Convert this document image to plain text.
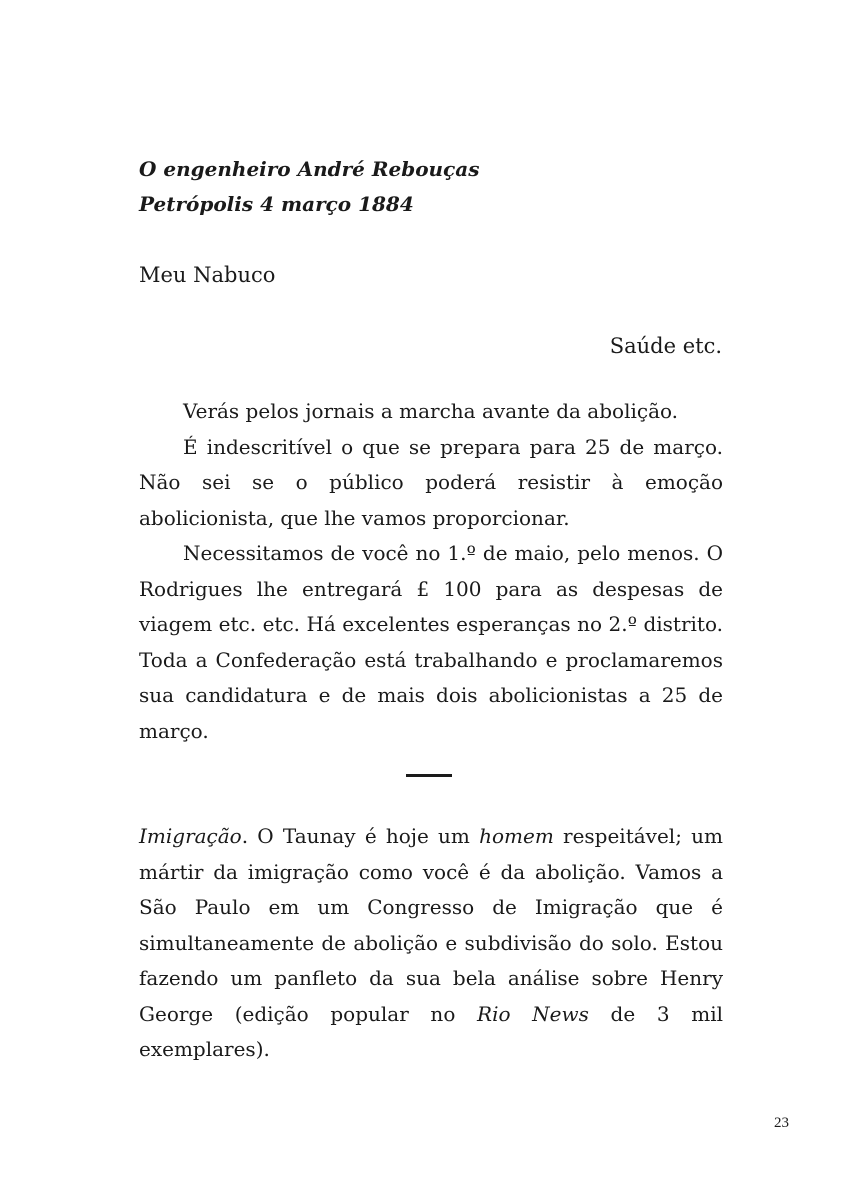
O engenheiro André Rebouças
Petrópolis 4 março 1884
Meu Nabuco
Saúde etc.

Verás pelos jornais a marcha avante da abolição.

É indescritível o que se prepara para 25 de março. Não sei se o público poderá resistir à emoção abolicionista, que lhe vamos proporcionar.

Necessitamos de você no 1.º de maio, pelo menos. O Rodrigues lhe entregará £ 100 para as despesas de viagem etc. etc. Há excelentes esperanças no 2.º distrito. Toda a Confederação está trabalhando e proclamaremos sua candidatura e de mais dois abolicionistas a 25 de março.

Imigração. O Taunay é hoje um homem respeitável; um mártir da imigração como você é da abolição. Vamos a São Paulo em um Congresso de Imigração que é simultaneamente de abolição e subdivisão do solo. Estou fazendo um panfleto da sua bela análise sobre Henry George (edição popular no Rio News de 3 mil exemplares).

23
